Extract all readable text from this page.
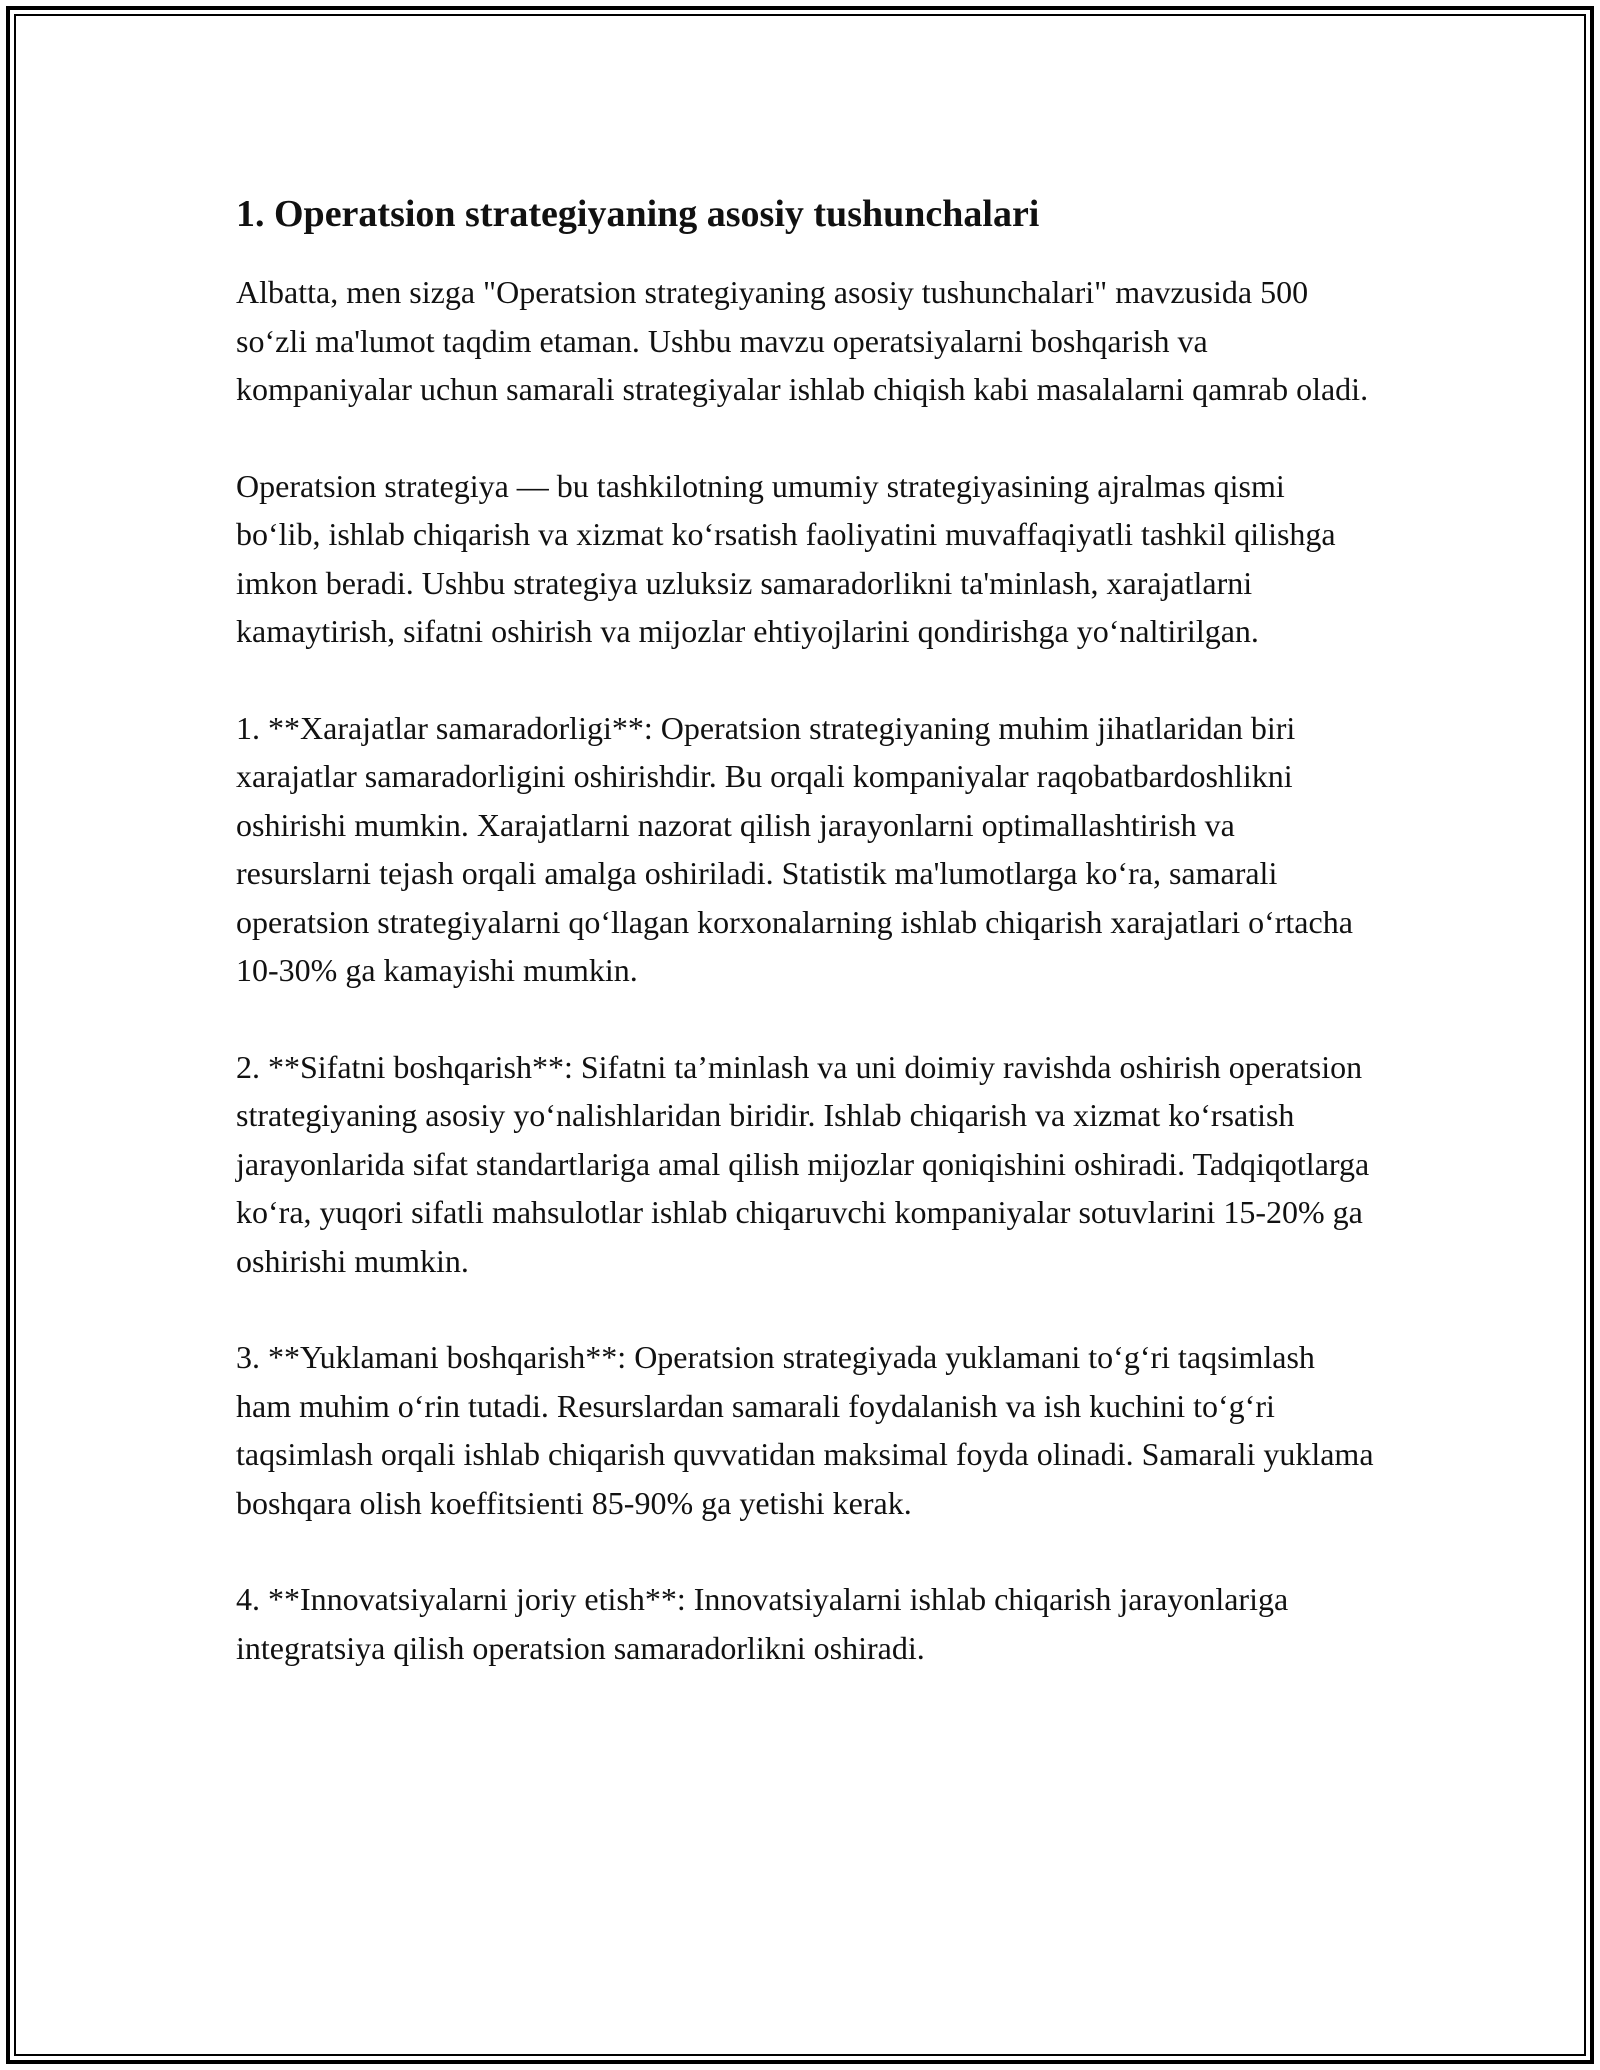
1. Operatsion strategiyaning asosiy tushunchalari

Albatta, men sizga "Operatsion strategiyaning asosiy tushunchalari" mavzusida 500 so‘zli ma'lumot taqdim etaman. Ushbu mavzu operatsiyalarni boshqarish va kompaniyalar uchun samarali strategiyalar ishlab chiqish kabi masalalarni qamrab oladi.

Operatsion strategiya — bu tashkilotning umumiy strategiyasining ajralmas qismi bo‘lib, ishlab chiqarish va xizmat ko‘rsatish faoliyatini muvaffaqiyatli tashkil qilishga imkon beradi. Ushbu strategiya uzluksiz samaradorlikni ta'minlash, xarajatlarni kamaytirish, sifatni oshirish va mijozlar ehtiyojlarini qondirishga yo‘naltirilgan.

1. **Xarajatlar samaradorligi**: Operatsion strategiyaning muhim jihatlaridan biri xarajatlar samaradorligini oshirishdir. Bu orqali kompaniyalar raqobatbardoshlikni oshirishi mumkin. Xarajatlarni nazorat qilish jarayonlarni optimallashtirish va resurslarni tejash orqali amalga oshiriladi. Statistik ma'lumotlarga ko‘ra, samarali operatsion strategiyalarni qo‘llagan korxonalarning ishlab chiqarish xarajatlari o‘rtacha 10-30% ga kamayishi mumkin.

2. **Sifatni boshqarish**: Sifatni ta’minlash va uni doimiy ravishda oshirish operatsion strategiyaning asosiy yo‘nalishlaridan biridir. Ishlab chiqarish va xizmat ko‘rsatish jarayonlarida sifat standartlariga amal qilish mijozlar qoniqishini oshiradi. Tadqiqotlarga ko‘ra, yuqori sifatli mahsulotlar ishlab chiqaruvchi kompaniyalar sotuvlarini 15-20% ga oshirishi mumkin.

3. **Yuklamani boshqarish**: Operatsion strategiyada yuklamani to‘g‘ri taqsimlash ham muhim o‘rin tutadi. Resurslardan samarali foydalanish va ish kuchini to‘g‘ri taqsimlash orqali ishlab chiqarish quvvatidan maksimal foyda olinadi. Samarali yuklama boshqara olish koeffitsienti 85-90% ga yetishi kerak.

4. **Innovatsiyalarni joriy etish**: Innovatsiyalarni ishlab chiqarish jarayonlariga integratsiya qilish operatsion samaradorlikni oshiradi.
